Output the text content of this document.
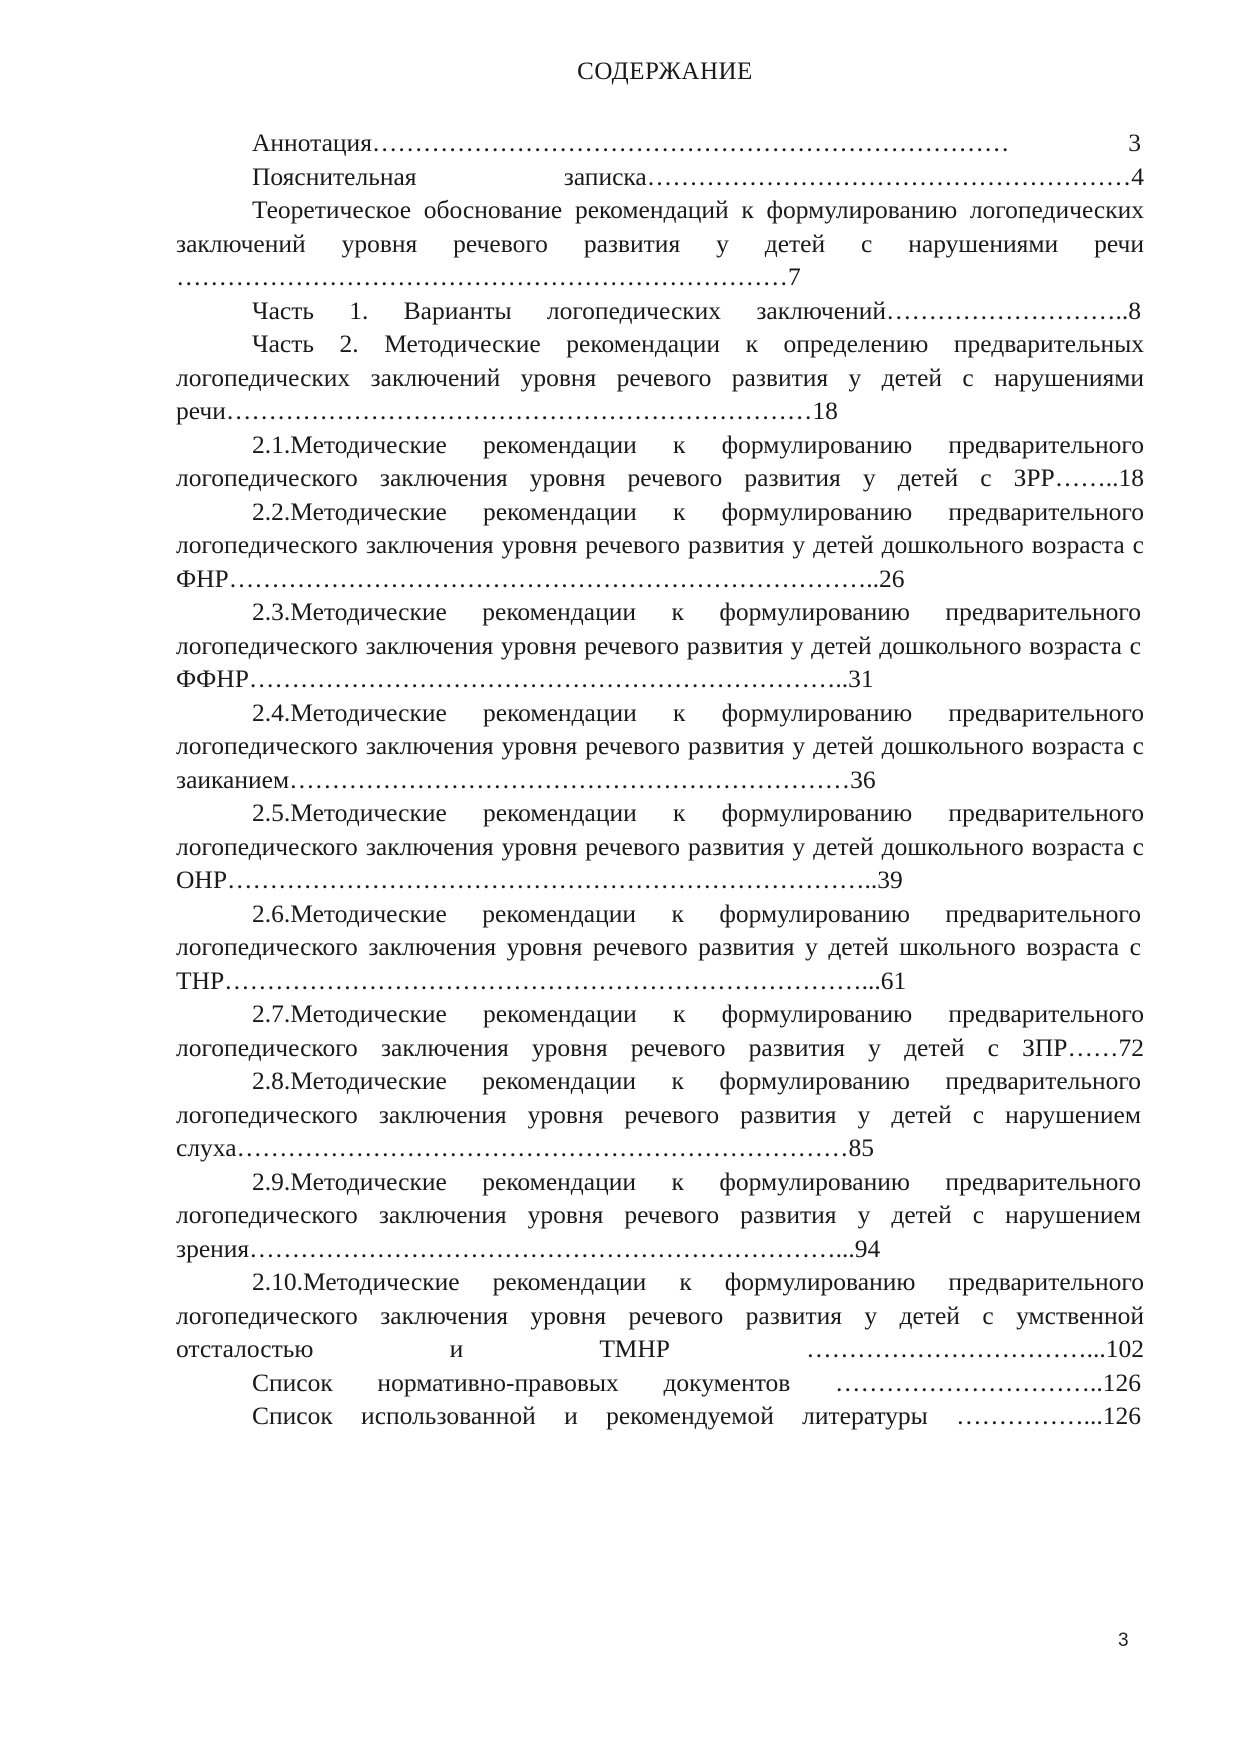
СОДЕРЖАНИЕ

Аннотация………………………………………………………………… 3

Пояснительная записка…………………………………………………4

Теоретическое обоснование рекомендаций к формулированию логопедических заключений уровня речевого развития у детей с нарушениями речи ………………………………………………………………7

Часть 1. Варианты логопедических заключений………………………..8

Часть 2. Методические рекомендации к определению предварительных логопедических заключений уровня речевого развития у детей с нарушениями речи……………………………………………………………18

2.1.Методические рекомендации к формулированию предварительного логопедического заключения уровня речевого развития у детей с ЗРР……..18

2.2.Методические рекомендации к формулированию предварительного логопедического заключения уровня речевого развития у детей дошкольного возраста с ФНР…………………………………………………………………..26

2.3.Методические рекомендации к формулированию предварительного логопедического заключения уровня речевого развития у детей дошкольного возраста с ФФНР……………………………………………………………..31

2.4.Методические рекомендации к формулированию предварительного логопедического заключения уровня речевого развития у детей дошкольного возраста с заиканием…………………………………………………………36

2.5.Методические рекомендации к формулированию предварительного логопедического заключения уровня речевого развития у детей дошкольного возраста с ОНР…………………………………………………………………..39

2.6.Методические рекомендации к формулированию предварительного логопедического заключения уровня речевого развития у детей школьного возраста с ТНР…………………………………………………………………...61

2.7.Методические рекомендации к формулированию предварительного логопедического заключения уровня речевого развития у детей с ЗПР……72

2.8.Методические рекомендации к формулированию предварительного логопедического заключения уровня речевого развития у детей с нарушением слуха………………………………………………………………85

2.9.Методические рекомендации к формулированию предварительного логопедического заключения уровня речевого развития у детей с нарушением зрения……………………………………………………………...94

2.10.Методические рекомендации к формулированию предварительного логопедического заключения уровня речевого развития у детей с умственной отсталостью и ТМНР ……………………………...102

Список нормативно-правовых документов …………………………..126

Список использованной и рекомендуемой литературы ……………...126

3
